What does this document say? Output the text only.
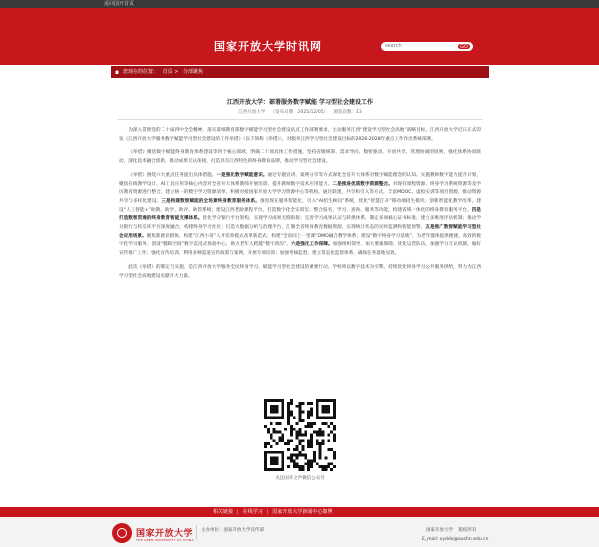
返回国开首页
国家开放大学时讯网
search	GO
您现在的位置： 首页 > 分部聚焦
江西开放大学：部署服务数字赋能 学习型社会建设工作
江西开放大学 （发布日期：2025/12/05） 浏览次数：13

为深入贯彻党的二十届四中全会精神，落实落细教育部数字赋能学习型社会建设试点工作部署要求，主动服务江西“建设学习型社会高地”战略目标，江西开放大学近日正式印发《江西开放大学服务数字赋能学习型社会建设的工作举措》（以下简称《举措》），对服务江西学习型社会建设目标的2026-2028年重点工作作出系统部署。

《举措》聚焦数字赋能终身教育体系建设等四个核心领域，明确二十项具体工作措施，坚持省级统筹、需求导向、数智驱动、开放共享、管理协调的原则，强化体系协同联动，深化技术融合创新，推动成果互认衔接，打造具有江西特色的终身教育品牌，推动学习型社会建设。

《举措》围绕六大重点任务提出具体措施。一是强化数字赋能意识。通过专题宣讲、案例分享等方式深化全省开大体系对数字赋能理念的认知。实施教师数字能力提升计划，聚焦在线教学设计、AI工具应用等核心内容对全省开大体系教师开展培训，提升教师数字技术应用能力。二是推进优质数字资源整合。对现有课程资源、终身学习系统资源等及学历教育资源进行整合，建立统一的数字学习资源清单；积极对接国家开放大学学习资源中心等机构，通过联建、共享和引入等方式，丰富MOOC、虚拟实训等项目资源，推动资源共享与多样化建设。三是构建数智赋能的全场景终身教育服务体系。推进现在服务智能化，引入“AI招生顾问”系统，优化“智慧江开”移动端招生模块；创新智能化教学改革，建设“人工智能+”助教、助学、助评、助管系统；建设江西老龄课程平台，打造数字化全实训室；整合报名、学习、查询、服务等功能，构建省域一体化的终身教育服务平台。四是打造数智贯通的终身教育智能支撑体系。优化学分银行平台架构，实现学习成果无缝衔接；完善学习成果认证与转换体系，制定多项核心证书标准，建立多维度评估机制；推动学分银行与校友库平台深度融合，构建终身学习社区；打造大数据分析与治理平台，汇聚全省终身教育数据资源，实现统计状态的实时监测和智能预警。五是推广数智赋能学习型社会应用场景。聚焦新就业群体，构建“江西小哥”人才培养模式改革新范式；构建“全省同上一堂课”OMO融合教学体系；建设“数字终身学习基地”，为老年群体提供便捷、高效的数字化学习服务；创设“赣缺空间”数字沉浸式体验中心，助力老年人跨越“数字鸿沟”。六是强化工作保障。加强组织领导，加大要素保障，优化运营队伍，加强学分互认机制，做好宣传推广工作；强化宣传培训，利用多种渠道宣传政策与案例，开展专项培训；加强考核监督，建立常态化监督体系，确保任务落地见效。

此次《举措》的制定与实施，是江西开放大学服务全民终身学习、赋能学习型社会建设的重要行动。学校将以数字技术为引擎，持续优化终身学习公共服务供给，努力为江西学习型社会高地建设贡献开大力量。

关注国开之声微信公众号
相关链接 | 在线学习 | 国家开放大学新闻中心微博
国家开放大学
THE OPEN UNIVERSITY OF CHINA
主办单位：国家开放大学宣传部	国家开放大学 版权所有
E_mail: xyddo@ouchn.edu.cn
